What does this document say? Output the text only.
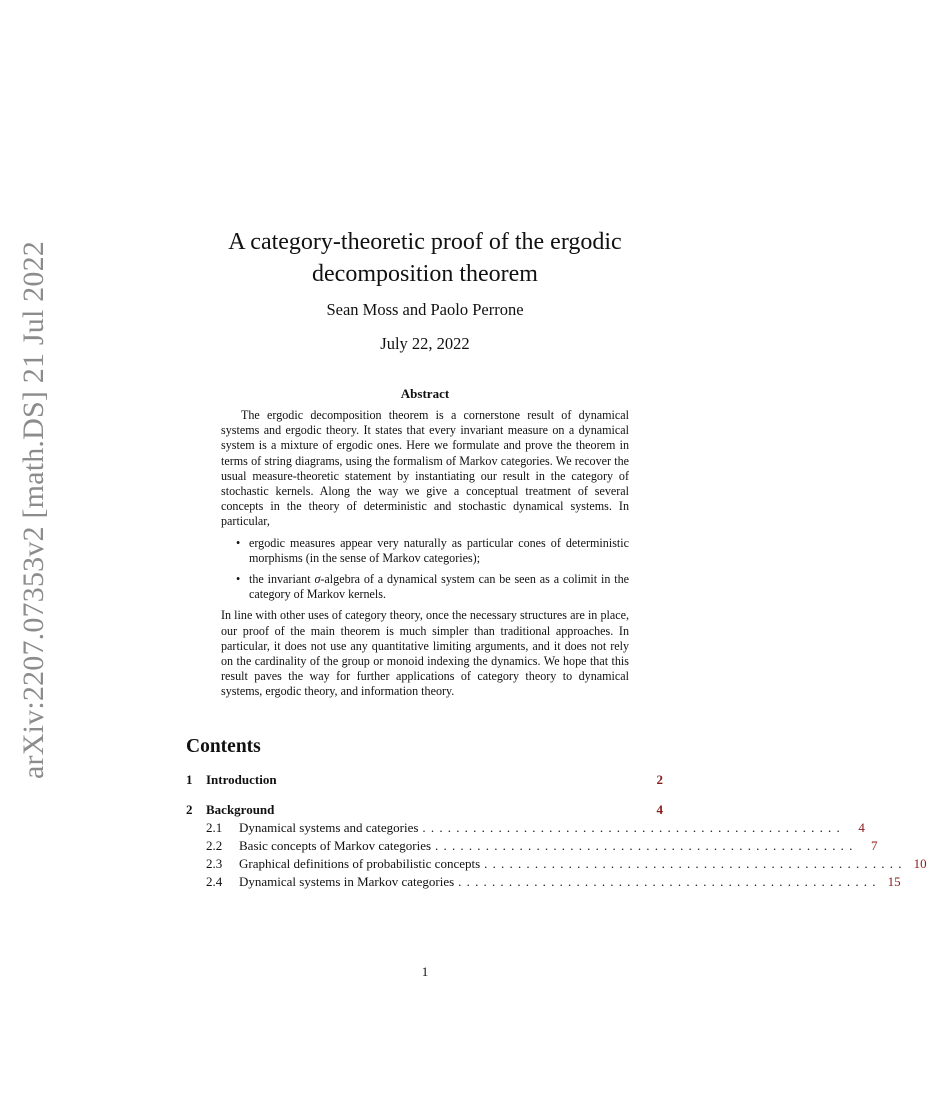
arXiv:2207.07353v2 [math.DS] 21 Jul 2022	A category-theoretic proof of the ergodic
decomposition theorem
Sean Moss and Paolo Perrone
July 22, 2022
Abstract

The ergodic decomposition theorem is a cornerstone result of dynamical systems and ergodic theory. It states that every invariant measure on a dynamical system is a mixture of ergodic ones. Here we formulate and prove the theorem in terms of string diagrams, using the formalism of Markov categories. We recover the usual measure-theoretic statement by instantiating our result in the category of stochastic kernels. Along the way we give a conceptual treatment of several concepts in the theory of deterministic and stochastic dynamical systems. In particular,

• ergodic measures appear very naturally as particular cones of deterministic morphisms (in the sense of Markov categories);
• the invariant σ-algebra of a dynamical system can be seen as a colimit in the category of Markov kernels.

In line with other uses of category theory, once the necessary structures are in place, our proof of the main theorem is much simpler than traditional approaches. In particular, it does not use any quantitative limiting arguments, and it does not rely on the cardinality of the group or monoid indexing the dynamics. We hope that this result paves the way for further applications of category theory to dynamical systems, ergodic theory, and information theory.

Contents
1	Introduction	2
2	Background	4
2.1	Dynamical systems and categories ..................................................	4
2.2	Basic concepts of Markov categories ..................................................	7
2.3	Graphical definitions of probabilistic concepts .................................................. 10
2.4	Dynamical systems in Markov categories .................................................. 15
1
